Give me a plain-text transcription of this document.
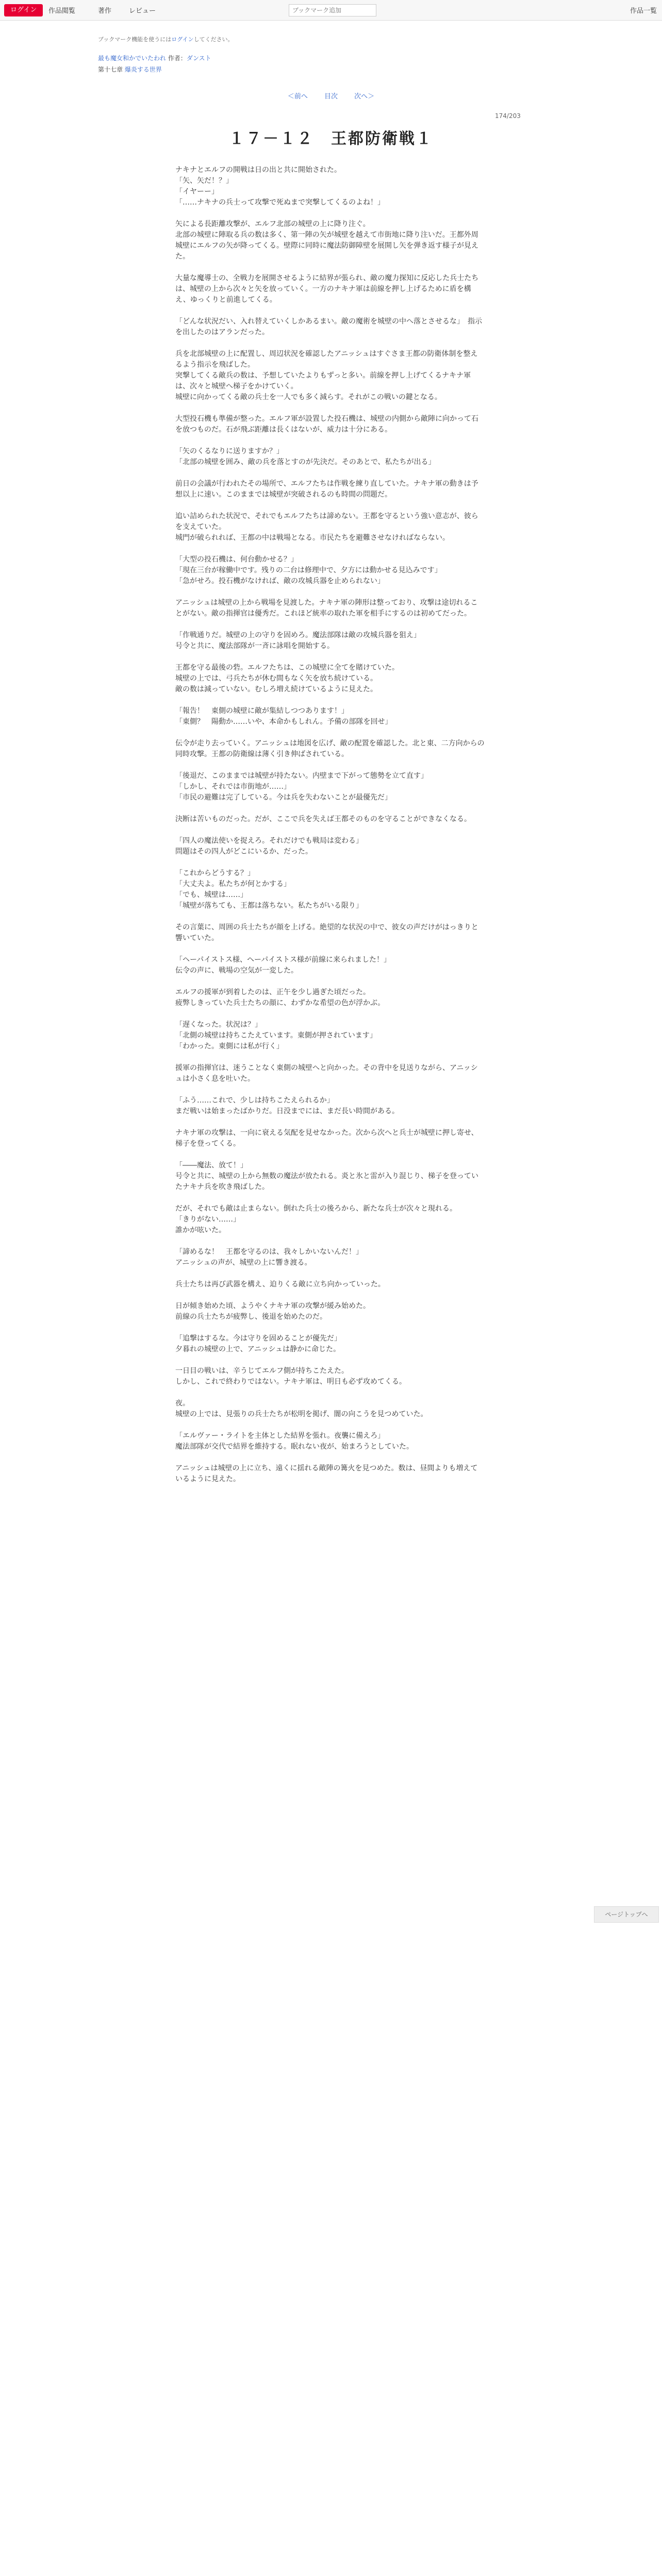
ログイン	作品閲覧	著作	レビュー
ブックマーク追加	作品一覧
ブックマーク機能を使うにはログインしてください。
最も魔女和かでいたわれ 作者：ダンスト
第十七章 爆炎する世界
＜前へ 目次 次へ＞
174/203
１７－１２　王都防衛戦１

ナキナとエルフの開戦は日の出と共に開始された。
「矢、矢だ！？」
「イヤーー」
「……ナキナの兵士って攻撃で死ぬまで突撃してくるのよね！」

矢による長距離攻撃が、エルフ北部の城壁の上に降り注ぐ。
北部の城壁に陣取る兵の数は多く、第一陣の矢が城壁を越えて市街地に降り注いだ。王都外周城壁にエルフの矢が降ってくる。壁際に同時に魔法防御障壁を展開し矢を弾き返す様子が見えた。

大量な魔導士の、全戦力を展開させるように結界が張られ、敵の魔力探知に反応した兵士たちは、城壁の上から次々と矢を放っていく。一方のナキナ軍は前線を押し上げるために盾を構え、ゆっくりと前進してくる。

「どんな状況だい、入れ替えていくしかあるまい。敵の魔術を城壁の中へ落とさせるな」　指示を出したのはアランだった。

兵を北部城壁の上に配置し、周辺状況を確認したアニッシュはすぐさま王都の防衛体制を整えるよう指示を飛ばした。
突撃してくる敵兵の数は、予想していたよりもずっと多い。前線を押し上げてくるナキナ軍は、次々と城壁へ梯子をかけていく。
城壁に向かってくる敵の兵士を一人でも多く減らす。それがこの戦いの鍵となる。

大型投石機も準備が整った。エルフ軍が設置した投石機は、城壁の内側から敵陣に向かって石を放つものだ。石が飛ぶ距離は長くはないが、威力は十分にある。

「矢のくるなりに送りますか？」
「北部の城壁を囲み、敵の兵を落とすのが先決だ。そのあとで、私たちが出る」

前日の会議が行われたその場所で、エルフたちは作戦を練り直していた。ナキナ軍の動きは予想以上に速い。このままでは城壁が突破されるのも時間の問題だ。

追い詰められた状況で、それでもエルフたちは諦めない。王都を守るという強い意志が、彼らを支えていた。
城門が破られれば、王都の中は戦場となる。市民たちを避難させなければならない。

「大型の投石機は、何台動かせる？」
「現在三台が稼働中です。残りの二台は修理中で、夕方には動かせる見込みです」
「急がせろ。投石機がなければ、敵の攻城兵器を止められない」

アニッシュは城壁の上から戦場を見渡した。ナキナ軍の陣形は整っており、攻撃は途切れることがない。敵の指揮官は優秀だ。これほど統率の取れた軍を相手にするのは初めてだった。

「作戦通りだ。城壁の上の守りを固めろ。魔法部隊は敵の攻城兵器を狙え」
号令と共に、魔法部隊が一斉に詠唱を開始する。

王都を守る最後の砦。エルフたちは、この城壁に全てを賭けていた。
城壁の上では、弓兵たちが休む間もなく矢を放ち続けている。
敵の数は減っていない。むしろ増え続けているように見えた。

「報告！　東側の城壁に敵が集結しつつあります！」
「東側？　陽動か……いや、本命かもしれん。予備の部隊を回せ」

伝令が走り去っていく。アニッシュは地図を広げ、敵の配置を確認した。北と東、二方向からの同時攻撃。王都の防衛線は薄く引き伸ばされている。

「後退だ、このままでは城壁が持たない。内壁まで下がって態勢を立て直す」
「しかし、それでは市街地が……」
「市民の避難は完了している。今は兵を失わないことが最優先だ」

決断は苦いものだった。だが、ここで兵を失えば王都そのものを守ることができなくなる。

「四人の魔法使いを捉えろ。それだけでも戦局は変わる」
問題はその四人がどこにいるか、だった。

「これからどうする？」
「大丈夫よ。私たちが何とかする」
「でも、城壁は……」
「城壁が落ちても、王都は落ちない。私たちがいる限り」

その言葉に、周囲の兵士たちが顔を上げる。絶望的な状況の中で、彼女の声だけがはっきりと響いていた。

「ヘーパイストス様、ヘーパイストス様が前線に来られました！」
伝令の声に、戦場の空気が一変した。

エルフの援軍が到着したのは、正午を少し過ぎた頃だった。
疲弊しきっていた兵士たちの顔に、わずかな希望の色が浮かぶ。

「遅くなった。状況は？」
「北側の城壁は持ちこたえています。東側が押されています」
「わかった。東側には私が行く」

援軍の指揮官は、迷うことなく東側の城壁へと向かった。その背中を見送りながら、アニッシュは小さく息を吐いた。

「ふう……これで、少しは持ちこたえられるか」
まだ戦いは始まったばかりだ。日没までには、まだ長い時間がある。

ナキナ軍の攻撃は、一向に衰える気配を見せなかった。次から次へと兵士が城壁に押し寄せ、梯子を登ってくる。

「――魔法、放て！」
号令と共に、城壁の上から無数の魔法が放たれる。炎と氷と雷が入り混じり、梯子を登っていたナキナ兵を吹き飛ばした。

だが、それでも敵は止まらない。倒れた兵士の後ろから、新たな兵士が次々と現れる。
「きりがない……」
誰かが呟いた。

「諦めるな！　王都を守るのは、我々しかいないんだ！」
アニッシュの声が、城壁の上に響き渡る。

兵士たちは再び武器を構え、迫りくる敵に立ち向かっていった。

日が傾き始めた頃、ようやくナキナ軍の攻撃が緩み始めた。
前線の兵士たちが疲弊し、後退を始めたのだ。

「追撃はするな。今は守りを固めることが優先だ」
夕暮れの城壁の上で、アニッシュは静かに命じた。

一日目の戦いは、辛うじてエルフ側が持ちこたえた。
しかし、これで終わりではない。ナキナ軍は、明日も必ず攻めてくる。

夜。
城壁の上では、見張りの兵士たちが松明を掲げ、闇の向こうを見つめていた。

「エルヴァー・ライトを主体とした結界を張れ。夜襲に備えろ」
魔法部隊が交代で結界を維持する。眠れない夜が、始まろうとしていた。

アニッシュは城壁の上に立ち、遠くに揺れる敵陣の篝火を見つめた。数は、昼間よりも増えているように見えた。

ページトップへ
